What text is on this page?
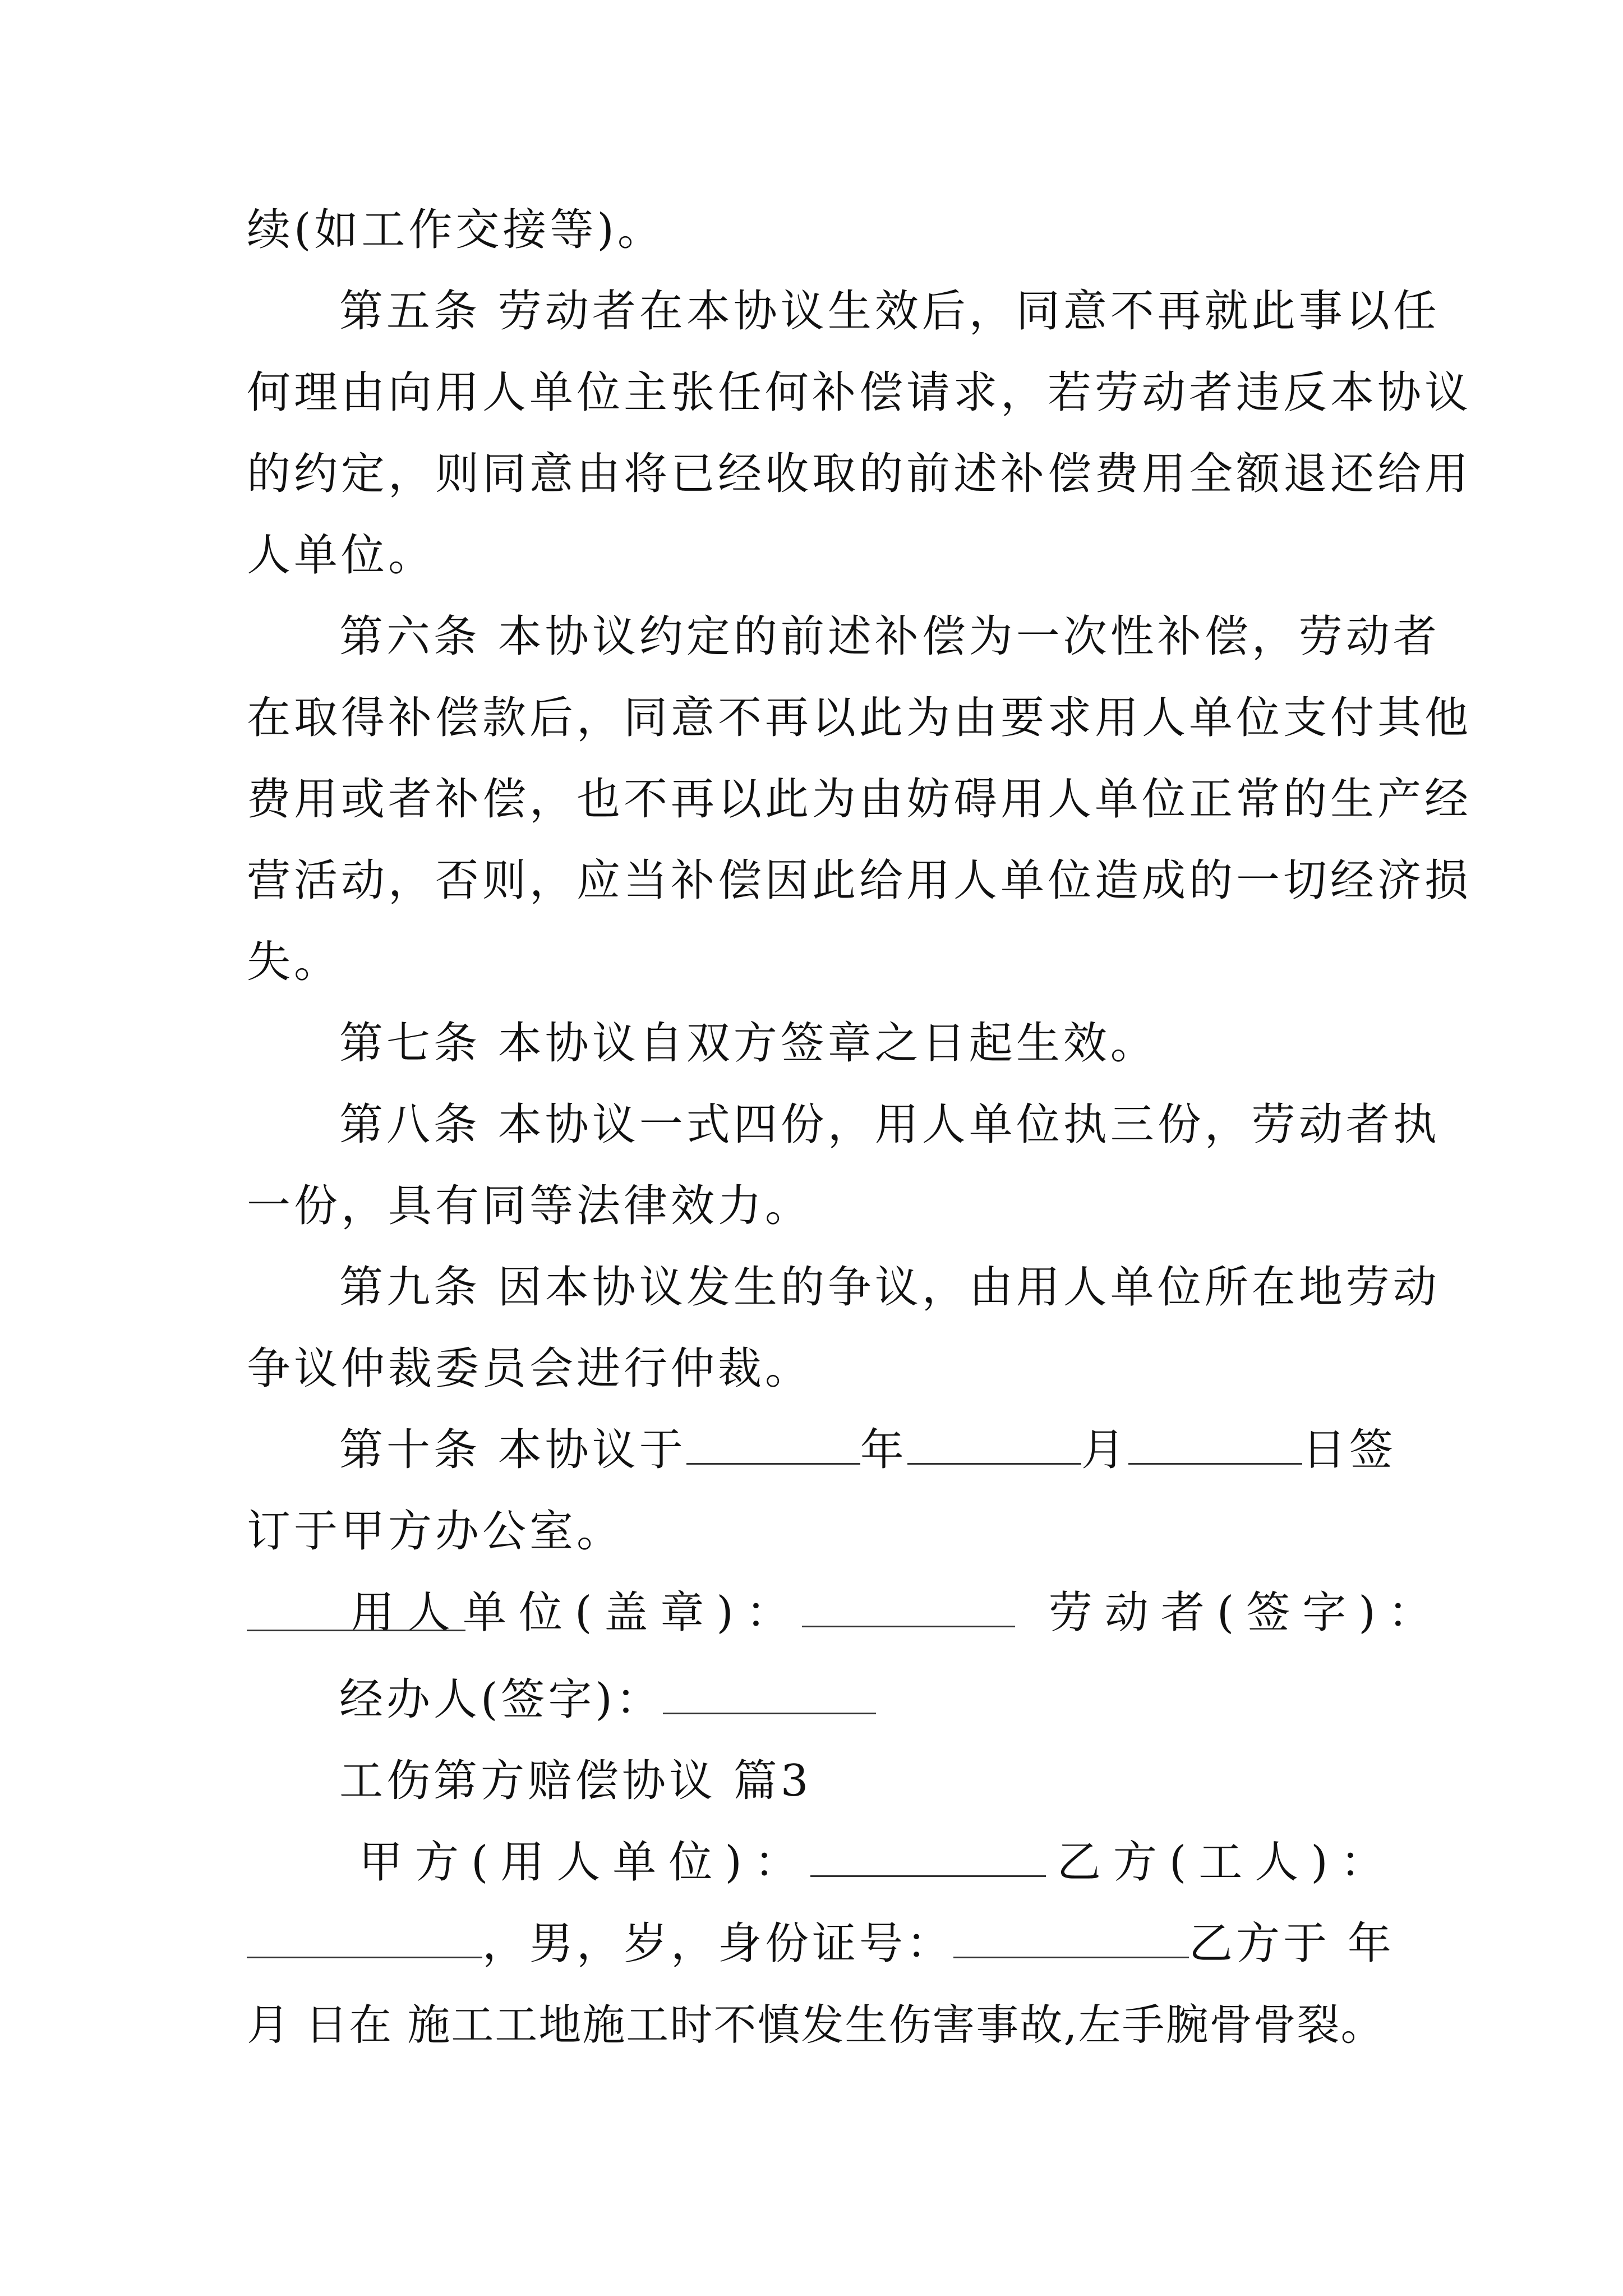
续(如工作交接等)。
第五条 劳动者在本协议生效后，同意不再就此事以任
何理由向用人单位主张任何补偿请求，若劳动者违反本协议
的约定，则同意由将已经收取的前述补偿费用全额退还给用
人单位。
第六条 本协议约定的前述补偿为一次性补偿，劳动者
在取得补偿款后，同意不再以此为由要求用人单位支付其他
费用或者补偿，也不再以此为由妨碍用人单位正常的生产经
营活动，否则，应当补偿因此给用人单位造成的一切经济损
失。
第七条 本协议自双方签章之日起生效。
第八条 本协议一式四份，用人单位执三份，劳动者执
一份，具有同等法律效力。
第九条 因本协议发生的争议，由用人单位所在地劳动
争议仲裁委员会进行仲裁。
第十条 本协议于	年	月	日签
订于甲方办公室。
用人单位(盖章)：	劳动者(签字)：
经办人(签字)：
工伤第方赔偿协议 篇3
甲方(用人单位)：	乙方(工人)：
，男，岁，身份证号：	乙方于 年
月 日在 施工工地施工时不慎发生伤害事故,左手腕骨骨裂。
